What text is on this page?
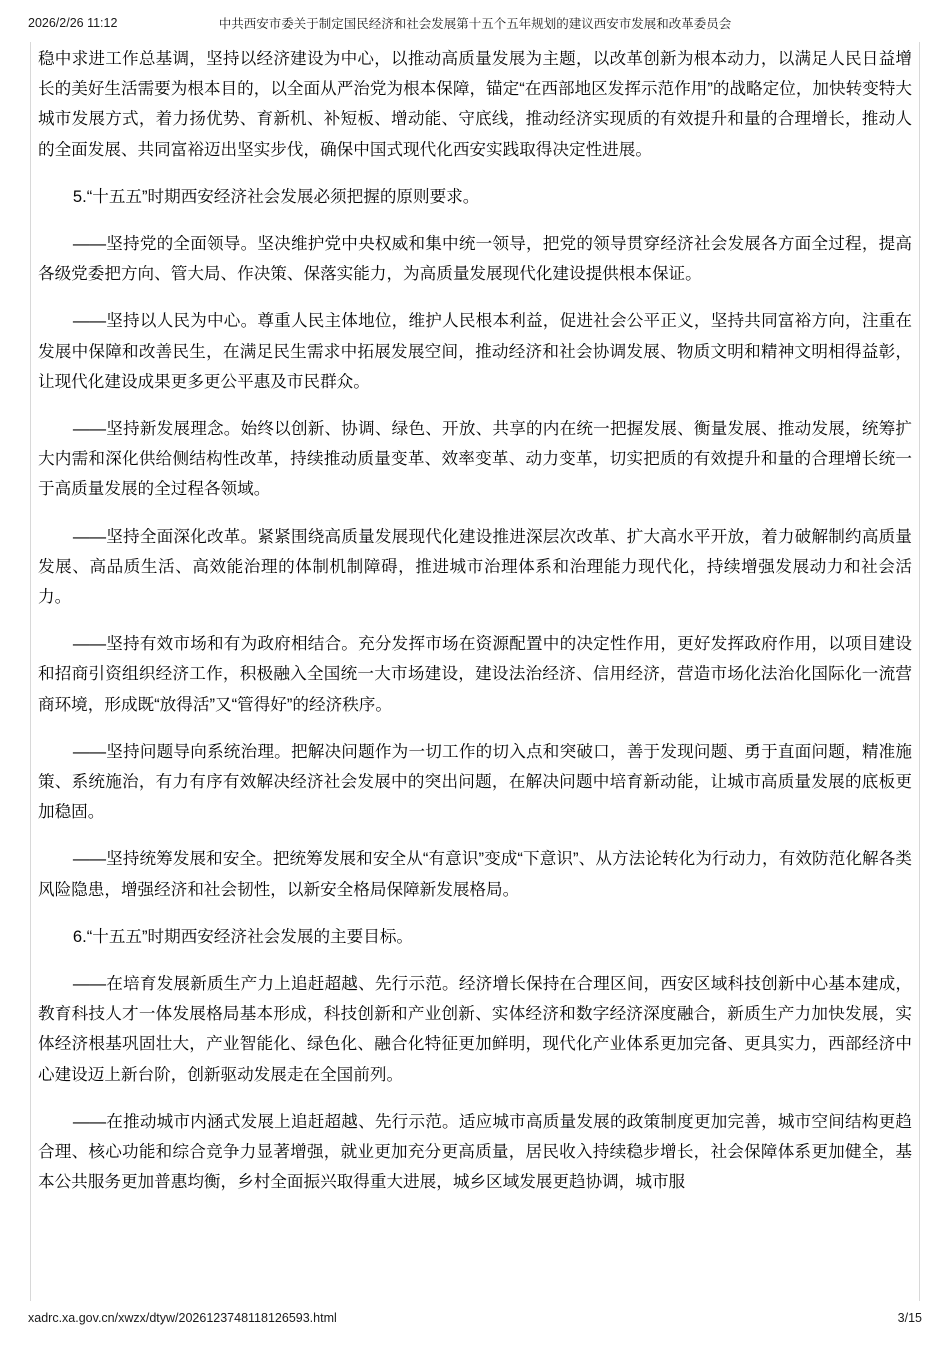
2026/2/26 11:12	中共西安市委关于制定国民经济和社会发展第十五个五年规划的建议西安市发展和改革委员会

稳中求进工作总基调，坚持以经济建设为中心，以推动高质量发展为主题，以改革创新为根本动力，以满足人民日益增长的美好生活需要为根本目的，以全面从严治党为根本保障，锚定“在西部地区发挥示范作用”的战略定位，加快转变特大城市发展方式，着力扬优势、育新机、补短板、增动能、守底线，推动经济实现质的有效提升和量的合理增长，推动人的全面发展、共同富裕迈出坚实步伐，确保中国式现代化西安实践取得决定性进展。

5.“十五五”时期西安经济社会发展必须把握的原则要求。

——坚持党的全面领导。坚决维护党中央权威和集中统一领导，把党的领导贯穿经济社会发展各方面全过程，提高各级党委把方向、管大局、作决策、保落实能力，为高质量发展现代化建设提供根本保证。

——坚持以人民为中心。尊重人民主体地位，维护人民根本利益，促进社会公平正义，坚持共同富裕方向，注重在发展中保障和改善民生，在满足民生需求中拓展发展空间，推动经济和社会协调发展、物质文明和精神文明相得益彰，让现代化建设成果更多更公平惠及市民群众。

——坚持新发展理念。始终以创新、协调、绿色、开放、共享的内在统一把握发展、衡量发展、推动发展，统筹扩大内需和深化供给侧结构性改革，持续推动质量变革、效率变革、动力变革，切实把质的有效提升和量的合理增长统一于高质量发展的全过程各领域。

——坚持全面深化改革。紧紧围绕高质量发展现代化建设推进深层次改革、扩大高水平开放，着力破解制约高质量发展、高品质生活、高效能治理的体制机制障碍，推进城市治理体系和治理能力现代化，持续增强发展动力和社会活力。

——坚持有效市场和有为政府相结合。充分发挥市场在资源配置中的决定性作用，更好发挥政府作用，以项目建设和招商引资组织经济工作，积极融入全国统一大市场建设，建设法治经济、信用经济，营造市场化法治化国际化一流营商环境，形成既“放得活”又“管得好”的经济秩序。

——坚持问题导向系统治理。把解决问题作为一切工作的切入点和突破口，善于发现问题、勇于直面问题，精准施策、系统施治，有力有序有效解决经济社会发展中的突出问题，在解决问题中培育新动能，让城市高质量发展的底板更加稳固。

——坚持统筹发展和安全。把统筹发展和安全从“有意识”变成“下意识”、从方法论转化为行动力，有效防范化解各类风险隐患，增强经济和社会韧性，以新安全格局保障新发展格局。

6.“十五五”时期西安经济社会发展的主要目标。

——在培育发展新质生产力上追赶超越、先行示范。经济增长保持在合理区间，西安区域科技创新中心基本建成，教育科技人才一体发展格局基本形成，科技创新和产业创新、实体经济和数字经济深度融合，新质生产力加快发展，实体经济根基巩固壮大，产业智能化、绿色化、融合化特征更加鲜明，现代化产业体系更加完备、更具实力，西部经济中心建设迈上新台阶，创新驱动发展走在全国前列。

——在推动城市内涵式发展上追赶超越、先行示范。适应城市高质量发展的政策制度更加完善，城市空间结构更趋合理、核心功能和综合竞争力显著增强，就业更加充分更高质量，居民收入持续稳步增长，社会保障体系更加健全，基本公共服务更加普惠均衡，乡村全面振兴取得重大进展，城乡区域发展更趋协调，城市服

xadrc.xa.gov.cn/xwzx/dtyw/2026123748118126593.html	3/15
